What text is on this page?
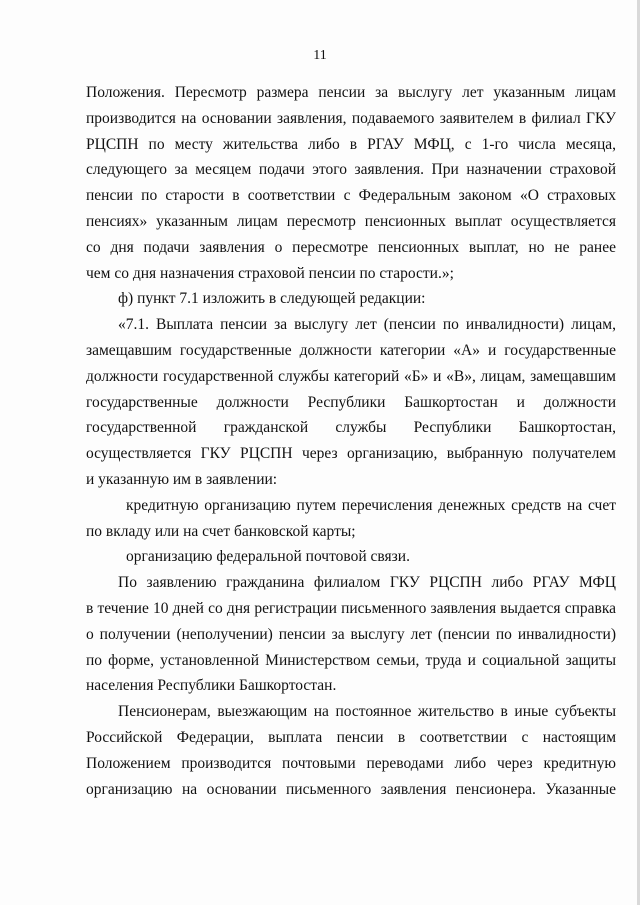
11
Положения. Пересмотр размера пенсии за выслугу лет указанным лицам
производится на основании заявления, подаваемого заявителем в филиал ГКУ
РЦСПН по месту жительства либо в РГАУ МФЦ, с 1-го числа месяца,
следующего за месяцем подачи этого заявления. При назначении страховой
пенсии по старости в соответствии с Федеральным законом «О страховых
пенсиях» указанным лицам пересмотр пенсионных выплат осуществляется
со дня подачи заявления о пересмотре пенсионных выплат, но не ранее
чем со дня назначения страховой пенсии по старости.»;
ф) пункт 7.1 изложить в следующей редакции:
«7.1. Выплата пенсии за выслугу лет (пенсии по инвалидности) лицам,
замещавшим государственные должности категории «А» и государственные
должности государственной службы категорий «Б» и «В», лицам, замещавшим
государственные должности Республики Башкортостан и должности
государственной гражданской службы Республики Башкортостан,
осуществляется ГКУ РЦСПН через организацию, выбранную получателем
и указанную им в заявлении:
кредитную организацию путем перечисления денежных средств на счет
по вкладу или на счет банковской карты;
организацию федеральной почтовой связи.
По заявлению гражданина филиалом ГКУ РЦСПН либо РГАУ МФЦ
в течение 10 дней со дня регистрации письменного заявления выдается справка
о получении (неполучении) пенсии за выслугу лет (пенсии по инвалидности)
по форме, установленной Министерством семьи, труда и социальной защиты
населения Республики Башкортостан.
Пенсионерам, выезжающим на постоянное жительство в иные субъекты
Российской Федерации, выплата пенсии в соответствии с настоящим
Положением производится почтовыми переводами либо через кредитную
организацию на основании письменного заявления пенсионера. Указанные
